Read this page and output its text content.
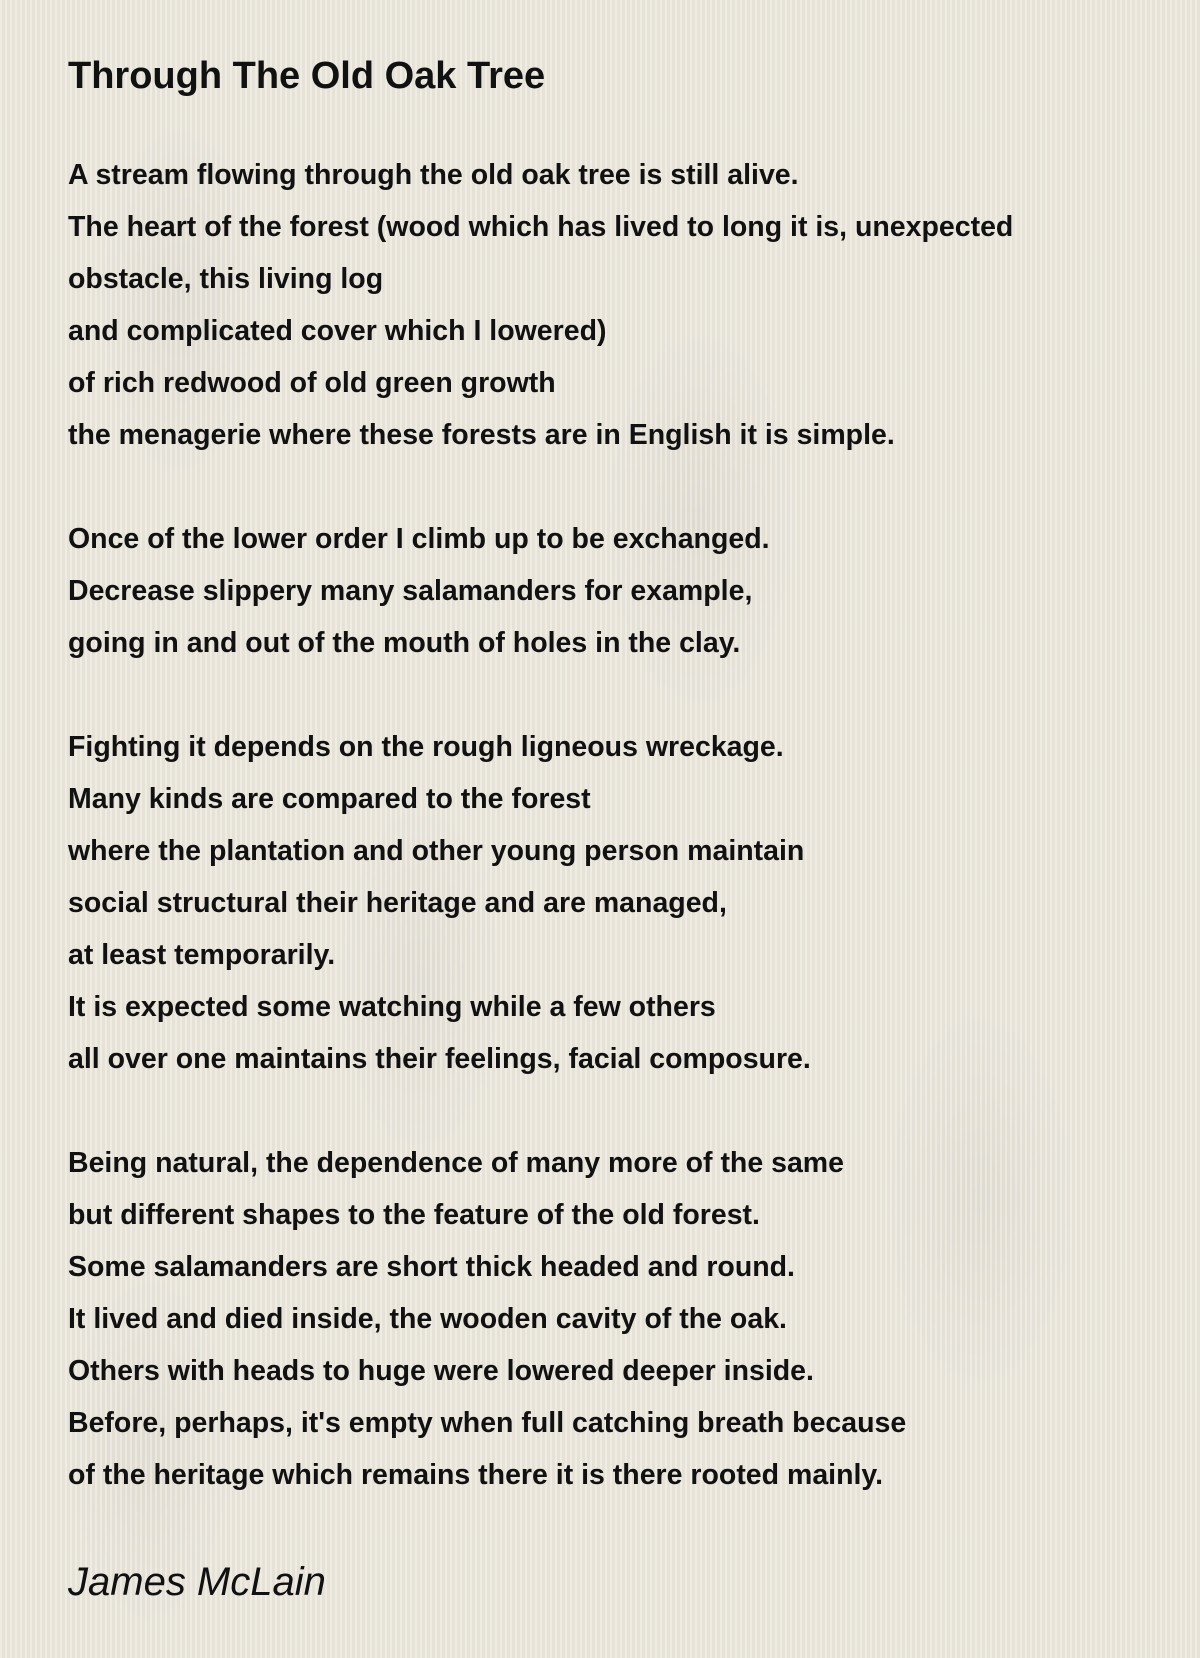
Through The Old Oak Tree
A stream flowing through the old oak tree is still alive.
The heart of the forest (wood which has lived to long it is, unexpected
obstacle, this living log
and complicated cover which I lowered)
of rich redwood of old green growth
the menagerie where these forests are in English it is simple.
Once of the lower order I climb up to be exchanged.
Decrease slippery many salamanders for example,
going in and out of the mouth of holes in the clay.
Fighting it depends on the rough ligneous wreckage.
Many kinds are compared to the forest
where the plantation and other young person maintain
social structural their heritage and are managed,
at least temporarily.
It is expected some watching while a few others
all over one maintains their feelings, facial composure.
Being natural, the dependence of many more of the same
but different shapes to the feature of the old forest.
Some salamanders are short thick headed and round.
It lived and died inside, the wooden cavity of the oak.
Others with heads to huge were lowered deeper inside.
Before, perhaps, it's empty when full catching breath because
of the heritage which remains there it is there rooted mainly.
James McLain
